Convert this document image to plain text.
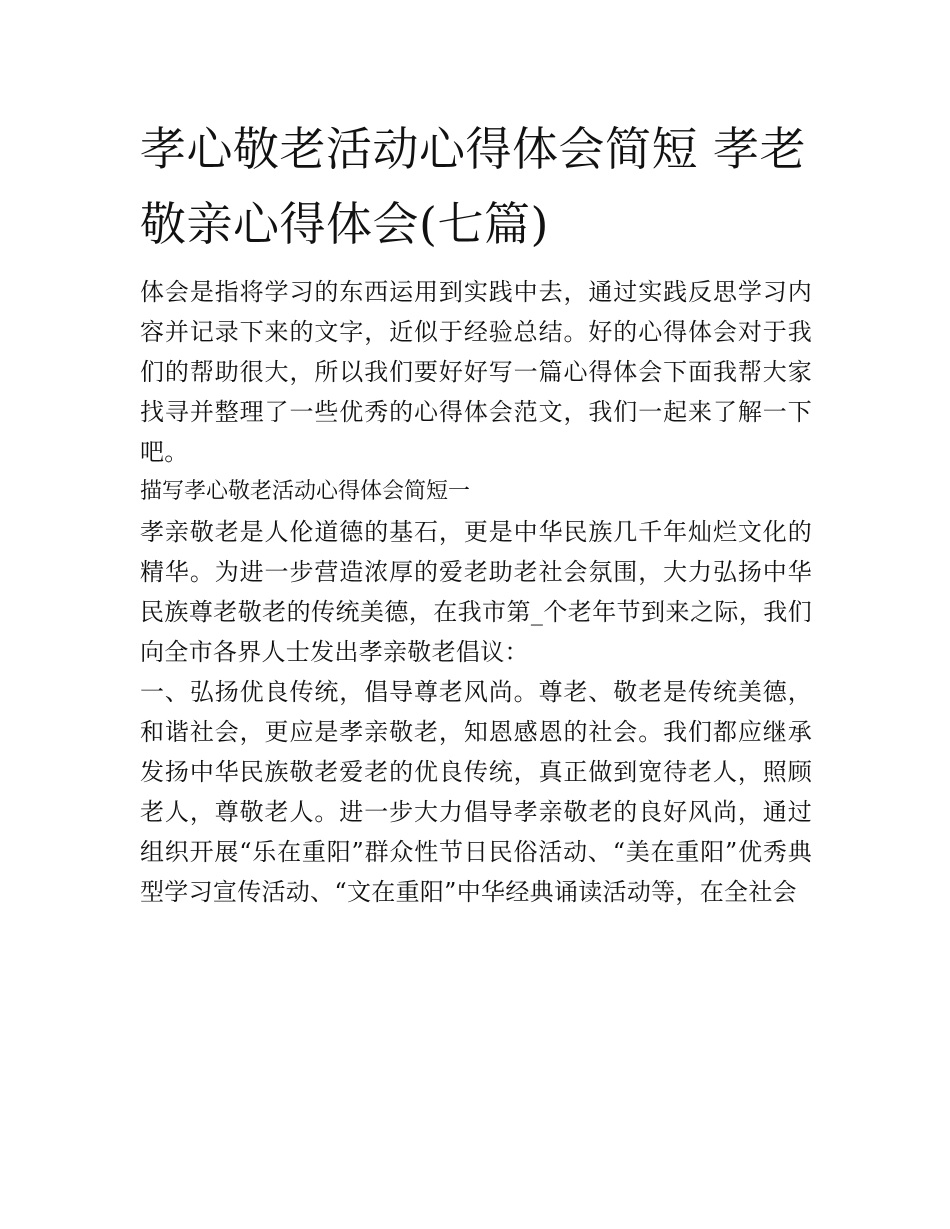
孝心敬老活动心得体会简短 孝老敬亲心得体会(七篇)

体会是指将学习的东西运用到实践中去，通过实践反思学习内容并记录下来的文字，近似于经验总结。好的心得体会对于我们的帮助很大，所以我们要好好写一篇心得体会下面我帮大家找寻并整理了一些优秀的心得体会范文，我们一起来了解一下吧。

描写孝心敬老活动心得体会简短一

孝亲敬老是人伦道德的基石，更是中华民族几千年灿烂文化的精华。为进一步营造浓厚的爱老助老社会氛围，大力弘扬中华民族尊老敬老的传统美德，在我市第_个老年节到来之际，我们向全市各界人士发出孝亲敬老倡议：

一、弘扬优良传统，倡导尊老风尚。尊老、敬老是传统美德，和谐社会，更应是孝亲敬老，知恩感恩的社会。我们都应继承发扬中华民族敬老爱老的优良传统，真正做到宽待老人，照顾老人，尊敬老人。进一步大力倡导孝亲敬老的良好风尚，通过组织开展“乐在重阳”群众性节日民俗活动、“美在重阳”优秀典型学习宣传活动、“文在重阳”中华经典诵读活动等，在全社会
